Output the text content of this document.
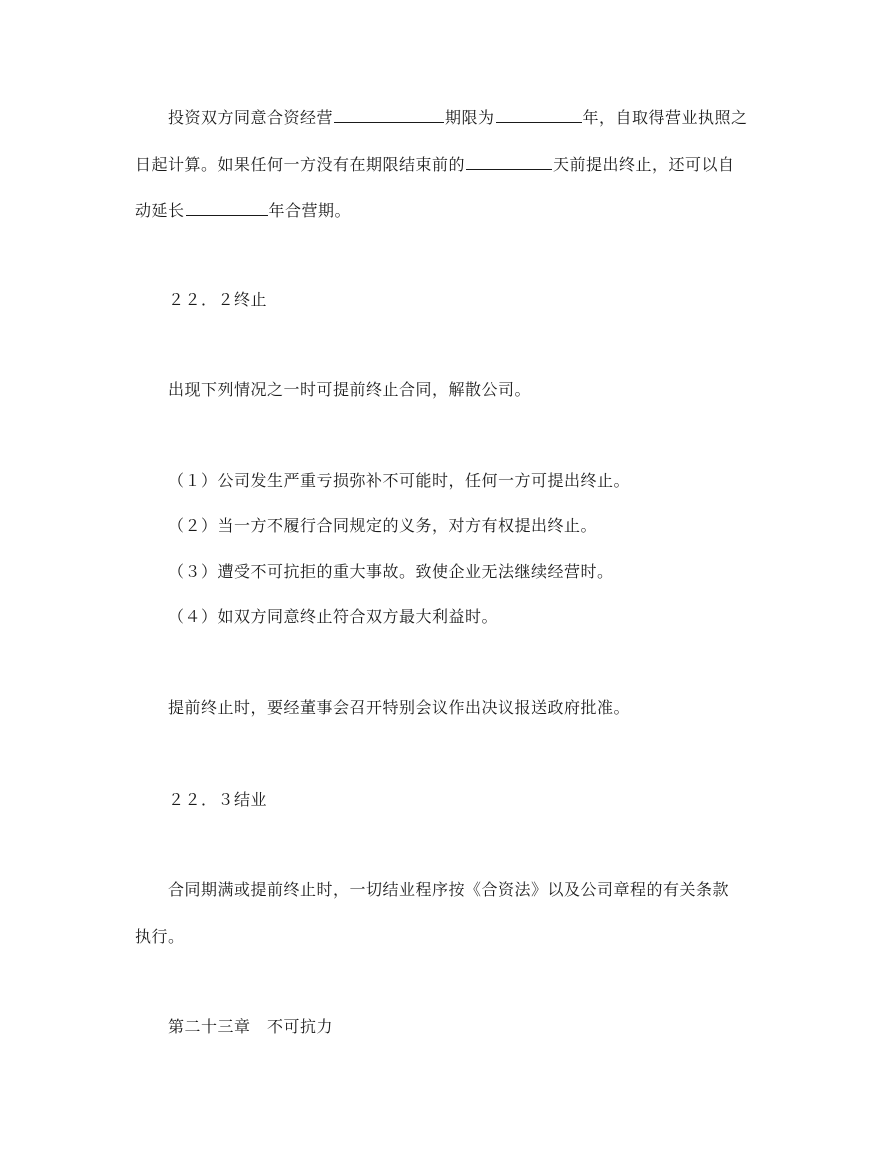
投资双方同意合资经营	期限为	年，自取得营业执照之
日起计算。如果任何一方没有在期限结束前的	天前提出终止，还可以自
动延长	年合营期。
２２．２终止
出现下列情况之一时可提前终止合同，解散公司。
（１）公司发生严重亏损弥补不可能时，任何一方可提出终止。
（２）当一方不履行合同规定的义务，对方有权提出终止。
（３）遭受不可抗拒的重大事故。致使企业无法继续经营时。
（４）如双方同意终止符合双方最大利益时。
提前终止时，要经董事会召开特别会议作出决议报送政府批准。
２２．３结业
合同期满或提前终止时，一切结业程序按《合资法》以及公司章程的有关条款
执行。
第二十三章　不可抗力
